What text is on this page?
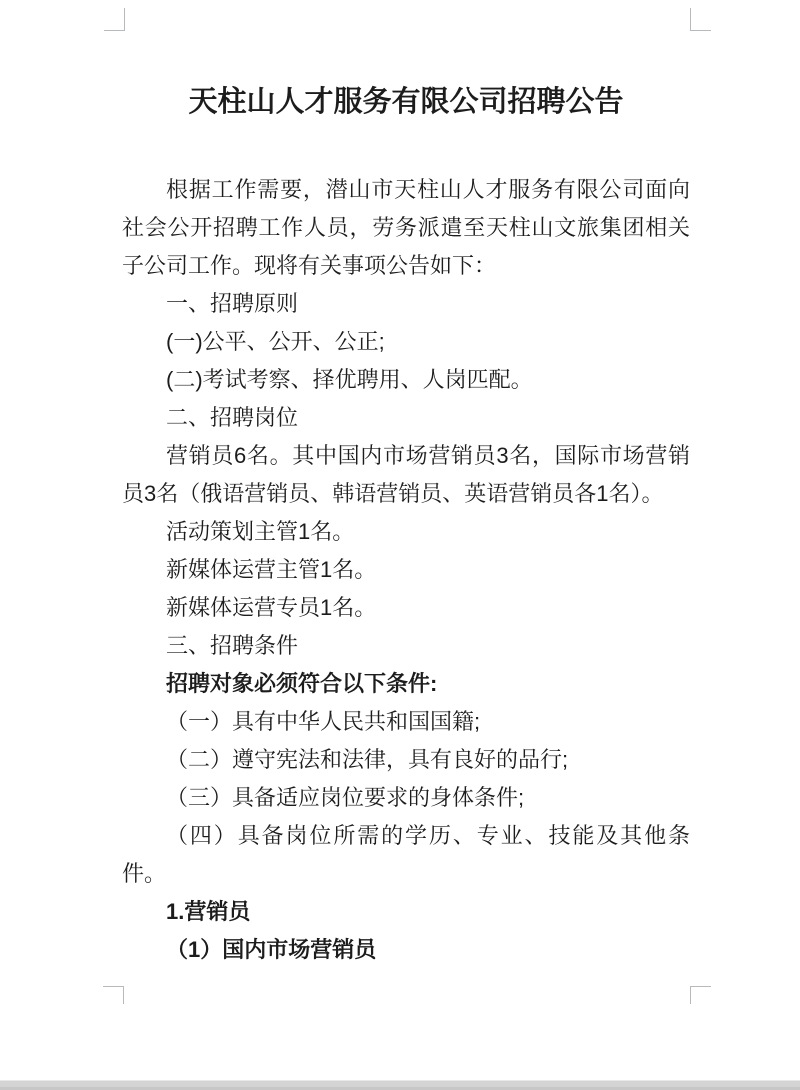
天柱山人才服务有限公司招聘公告

根据工作需要，潜山市天柱山人才服务有限公司面向社会公开招聘工作人员，劳务派遣至天柱山文旅集团相关子公司工作。现将有关事项公告如下：

一、招聘原则

(一)公平、公开、公正;

(二)考试考察、择优聘用、人岗匹配。

二、招聘岗位

营销员6名。其中国内市场营销员3名，国际市场营销员3名（俄语营销员、韩语营销员、英语营销员各1名）。

活动策划主管1名。

新媒体运营主管1名。

新媒体运营专员1名。

三、招聘条件

招聘对象必须符合以下条件:

（一）具有中华人民共和国国籍;

（二）遵守宪法和法律，具有良好的品行;

（三）具备适应岗位要求的身体条件;

（四）具备岗位所需的学历、专业、技能及其他条件。

1.营销员

（1）国内市场营销员
